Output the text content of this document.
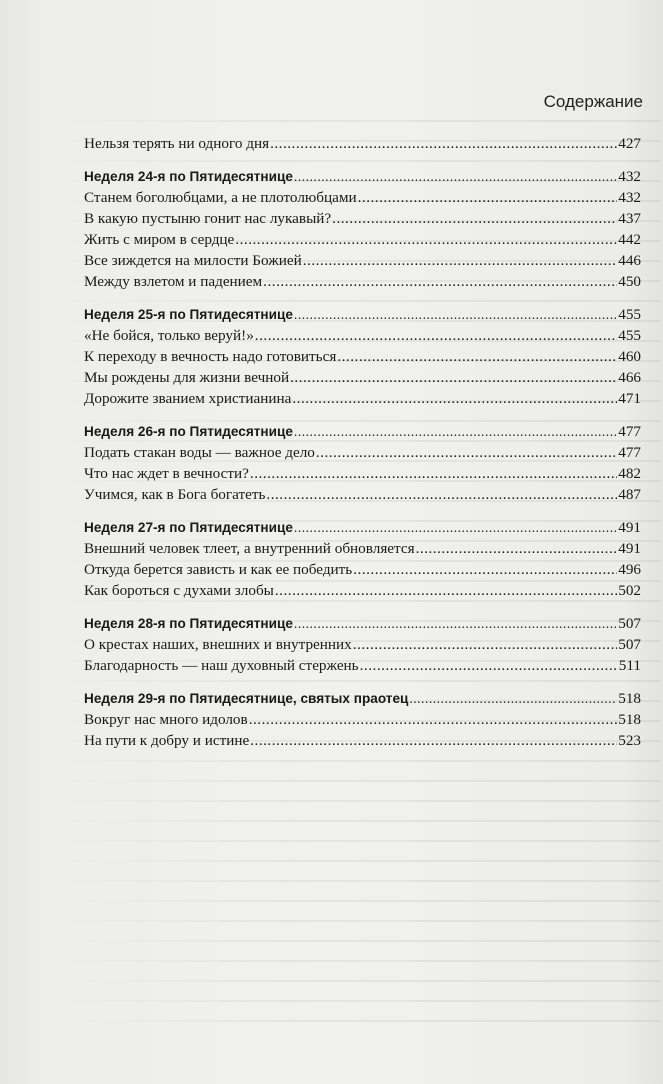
Содержание
Нельзя терять ни одного дня .....	427
Неделя 24-я по Пятидесятнице .....	432
Станем боголюбцами, а не плотолюбцами .....	432
В какую пустыню гонит нас лукавый? .....	437
Жить с миром в сердце .....	442
Все зиждется на милости Божией .....	446
Между взлетом и падением .....	450
Неделя 25-я по Пятидесятнице .....	455
«Не бойся, только веруй!» .....	455
К переходу в вечность надо готовиться .....	460
Мы рождены для жизни вечной .....	466
Дорожите званием христианина .....	471
Неделя 26-я по Пятидесятнице .....	477
Подать стакан воды — важное дело .....	477
Что нас ждет в вечности? .....	482
Учимся, как в Бога богатеть .....	487
Неделя 27-я по Пятидесятнице .....	491
Внешний человек тлеет, а внутренний обновляется .....	491
Откуда берется зависть и как ее победить .....	496
Как бороться с духами злобы .....	502
Неделя 28-я по Пятидесятнице .....	507
О крестах наших, внешних и внутренних .....	507
Благодарность — наш духовный стержень .....	511
Неделя 29-я по Пятидесятнице, святых праотец .....	518
Вокруг нас много идолов .....	518
На пути к добру и истине .....	523
